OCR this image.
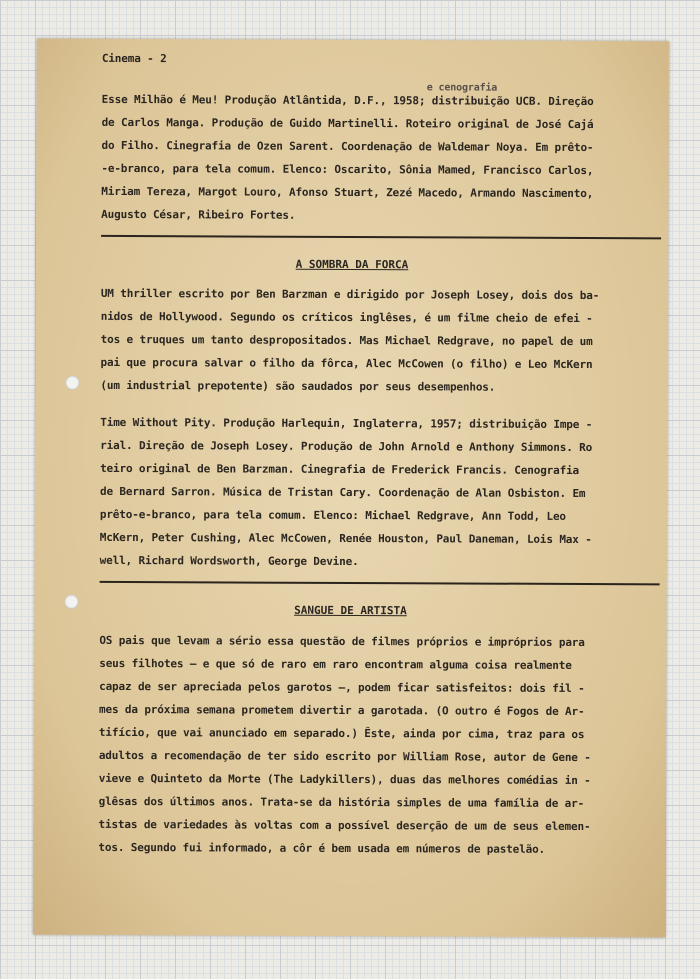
Cinema - 2
e cenografia
Esse Milhão é Meu! Produção Atlântida, D.F., 1958; distribuição UCB. Direção
de Carlos Manga. Produção de Guido Martinelli. Roteiro original de José Cajá
do Filho. Cinegrafia de Ozen Sarent. Coordenação de Waldemar Noya. Em prêto-
-e-branco, para tela comum. Elenco: Oscarito, Sônia Mamed, Francisco Carlos,
Miriam Tereza, Margot Louro, Afonso Stuart, Zezé Macedo, Armando Nascimento,
Augusto César, Ribeiro Fortes.
A SOMBRA DA FORCA
UM thriller escrito por Ben Barzman e dirigido por Joseph Losey, dois dos ba-
nidos de Hollywood. Segundo os críticos inglêses, é um filme cheio de efei -
tos e truques um tanto despropositados. Mas Michael Redgrave, no papel de um
pai que procura salvar o filho da fôrca, Alec McCowen (o filho) e Leo McKern
(um industrial prepotente) são saudados por seus desempenhos.
Time Without Pity. Produção Harlequin, Inglaterra, 1957; distribuição Impe -
rial. Direção de Joseph Losey. Produção de John Arnold e Anthony Simmons. Ro
teiro original de Ben Barzman. Cinegrafia de Frederick Francis. Cenografia
de Bernard Sarron. Música de Tristan Cary. Coordenação de Alan Osbiston. Em
prêto-e-branco, para tela comum. Elenco: Michael Redgrave, Ann Todd, Leo
McKern, Peter Cushing, Alec McCowen, Renée Houston, Paul Daneman, Lois Max -
well, Richard Wordsworth, George Devine.
SANGUE DE ARTISTA
OS pais que levam a sério essa questão de filmes próprios e impróprios para
seus filhotes — e que só de raro em raro encontram alguma coisa realmente
capaz de ser apreciada pelos garotos —, podem ficar satisfeitos: dois fil -
mes da próxima semana prometem divertir a garotada. (O outro é Fogos de Ar-
tifício, que vai anunciado em separado.) Êste, ainda por cima, traz para os
adultos a recomendação de ter sido escrito por William Rose, autor de Gene -
vieve e Quinteto da Morte (The Ladykillers), duas das melhores comédias in -
glêsas dos últimos anos. Trata-se da história simples de uma família de ar-
tistas de variedades às voltas com a possível deserção de um de seus elemen-
tos. Segundo fui informado, a côr é bem usada em números de pastelão.
